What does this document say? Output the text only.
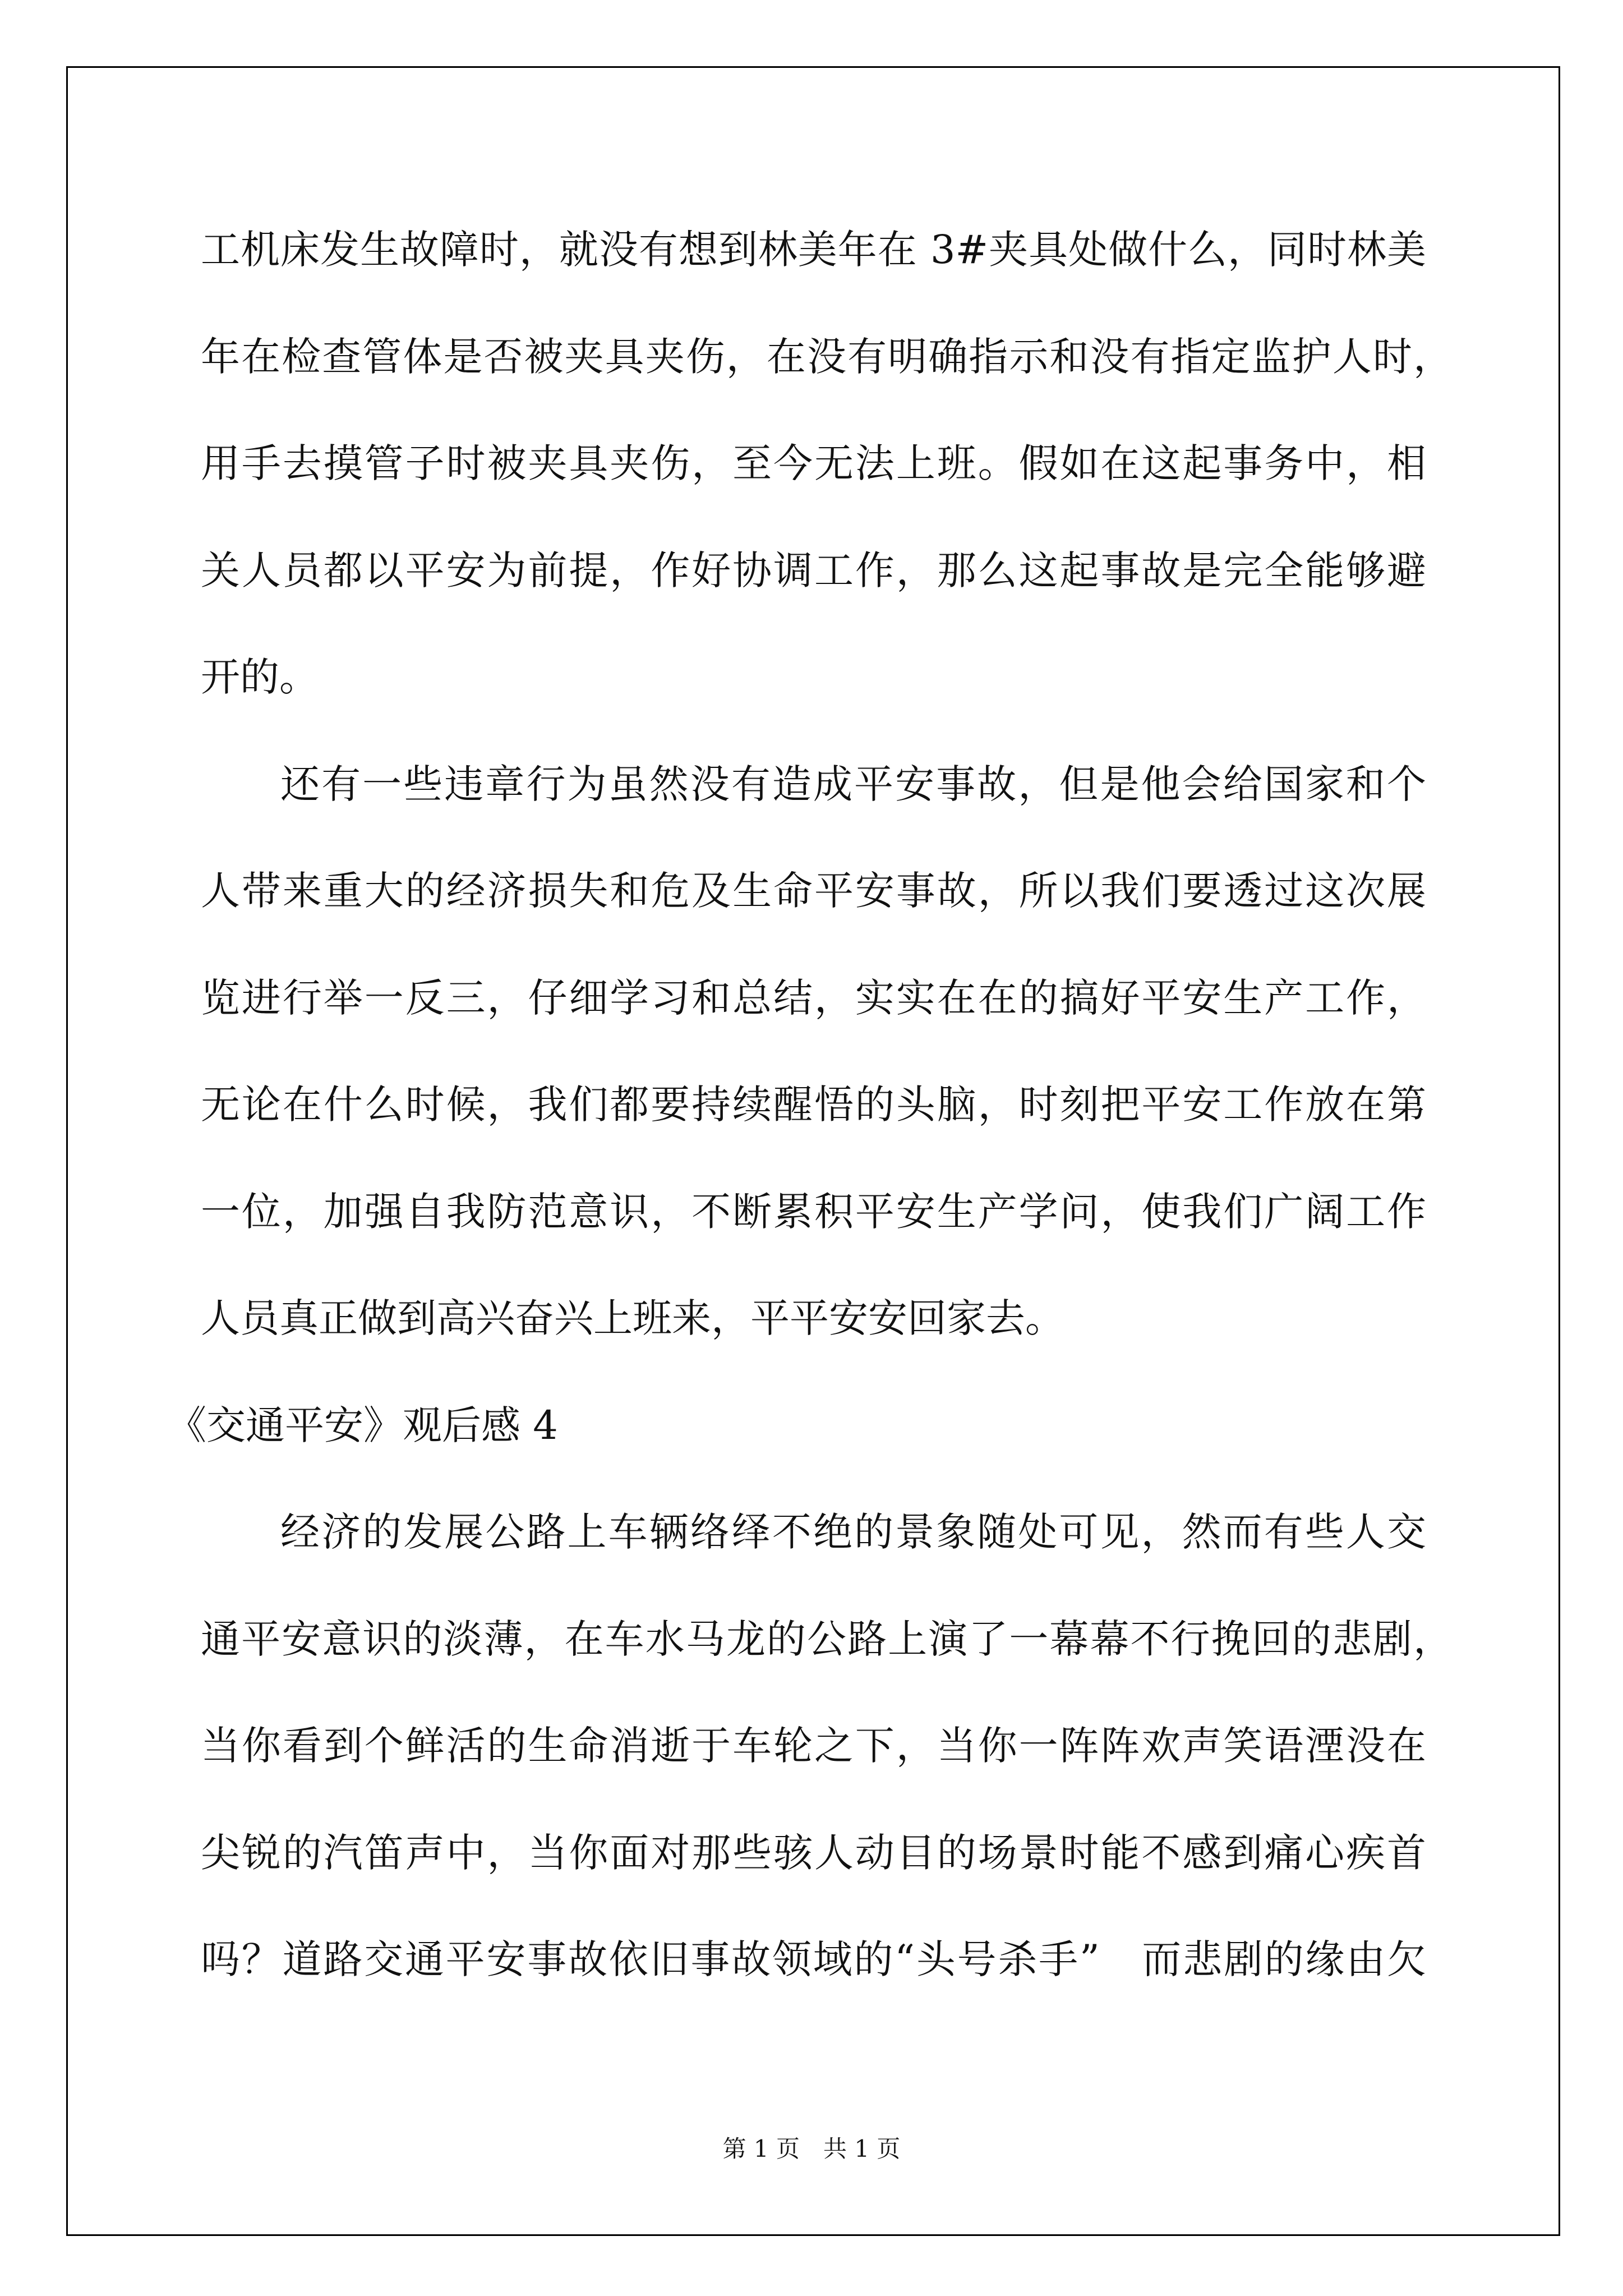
工机床发生故障时，就没有想到林美年在 3#夹具处做什么，同时林美
年在检查管体是否被夹具夹伤，在没有明确指示和没有指定监护人时，
用手去摸管子时被夹具夹伤，至今无法上班。假如在这起事务中，相
关人员都以平安为前提，作好协调工作，那么这起事故是完全能够避
开的。
还有一些违章行为虽然没有造成平安事故，但是他会给国家和个
人带来重大的经济损失和危及生命平安事故，所以我们要透过这次展
览进行举一反三，仔细学习和总结，实实在在的搞好平安生产工作，
无论在什么时候，我们都要持续醒悟的头脑，时刻把平安工作放在第
一位，加强自我防范意识，不断累积平安生产学问，使我们广阔工作
人员真正做到高兴奋兴上班来，平平安安回家去。
《交通平安》观后感 4
经济的发展公路上车辆络绎不绝的景象随处可见，然而有些人交
通平安意识的淡薄，在车水马龙的公路上演了一幕幕不行挽回的悲剧，
当你看到个鲜活的生命消逝于车轮之下，当你一阵阵欢声笑语湮没在
尖锐的汽笛声中，当你面对那些骇人动目的场景时能不感到痛心疾首
吗？道路交通平安事故依旧事故领域的“头号杀手”　而悲剧的缘由欠
第 1 页　共 1 页
